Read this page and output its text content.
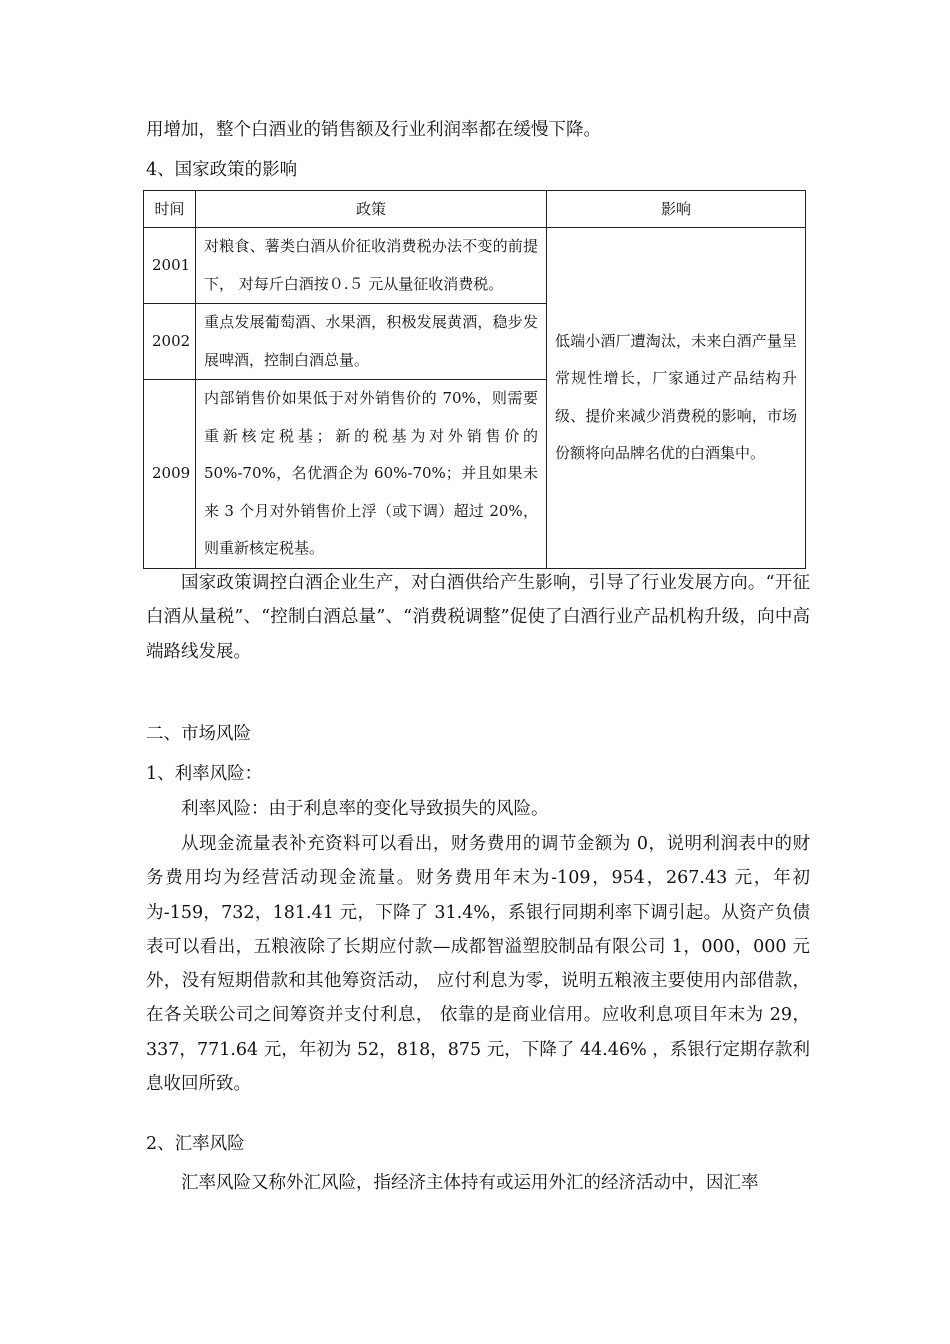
用增加，整个白酒业的销售额及行业利润率都在缓慢下降。
4、国家政策的影响
时间	政策	影响
2001	对粮食、薯类白酒从价征收消费税办法不变的前提下， 对每斤白酒按０.５ 元从量征收消费税。	低端小酒厂遭淘汰，未来白酒产量呈常规性增长，厂家通过产品结构升级、提价来减少消费税的影响，市场份额将向品牌名优的白酒集中。
2002	重点发展葡萄酒、水果酒，积极发展黄酒，稳步发展啤酒，控制白酒总量。	
2009	内部销售价如果低于对外销售价的 70%，则需要重新核定税基；新的税基为对外销售价的 50%-70%，名优酒企为 60%-70%；并且如果未来 3 个月对外销售价上浮（或下调）超过 20%，则重新核定税基。	
国家政策调控白酒企业生产，对白酒供给产生影响，引导了行业发展方向。“开征白酒从量税”、“控制白酒总量”、“消费税调整”促使了白酒行业产品机构升级，向中高端路线发展。
二、市场风险
1、利率风险：
利率风险：由于利息率的变化导致损失的风险。
从现金流量表补充资料可以看出，财务费用的调节金额为 0，说明利润表中的财务费用均为经营活动现金流量。财务费用年末为-109，954，267.43 元，年初为-159，732，181.41 元，下降了 31.4%，系银行同期利率下调引起。从资产负债表可以看出，五粮液除了长期应付款—成都智溢塑胶制品有限公司 1，000，000 元外，没有短期借款和其他筹资活动， 应付利息为零，说明五粮液主要使用内部借款，在各关联公司之间筹资并支付利息， 依靠的是商业信用。应收利息项目年末为 29，337，771.64 元，年初为 52，818，875 元，下降了 44.46% ，系银行定期存款利息收回所致。
2、汇率风险
汇率风险又称外汇风险，指经济主体持有或运用外汇的经济活动中，因汇率
